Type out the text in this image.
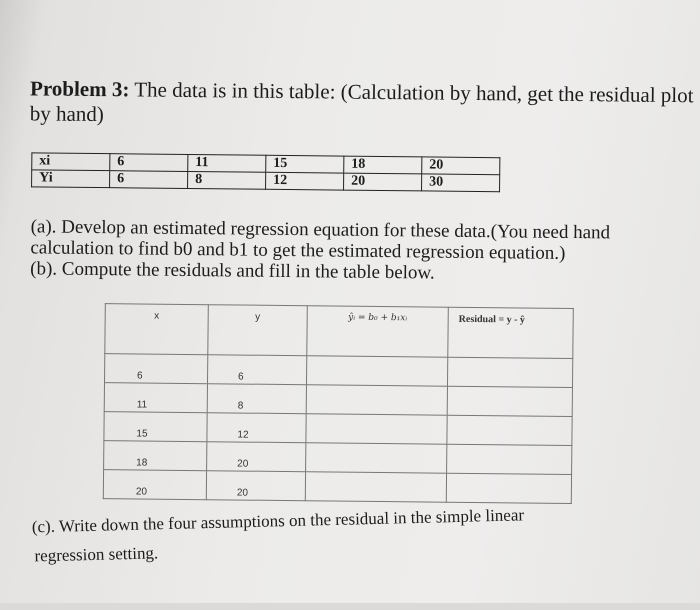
Problem 3: The data is in this table: (Calculation by hand, get the residual plot
by hand)
xi	6	11	15	18	20
Yi	6	8	12	20	30
(a). Develop an estimated regression equation for these data.(You need hand
calculation to find b0 and b1 to get the estimated regression equation.)
(b). Compute the residuals and fill in the table below.
x	y	ŷᵢ = b₀ + b₁xᵢ	Residual = y - ŷ
6	6		
11	8		
15	12		
18	20		
20	20		
(c). Write down the four assumptions on the residual in the simple linear
regression setting.
